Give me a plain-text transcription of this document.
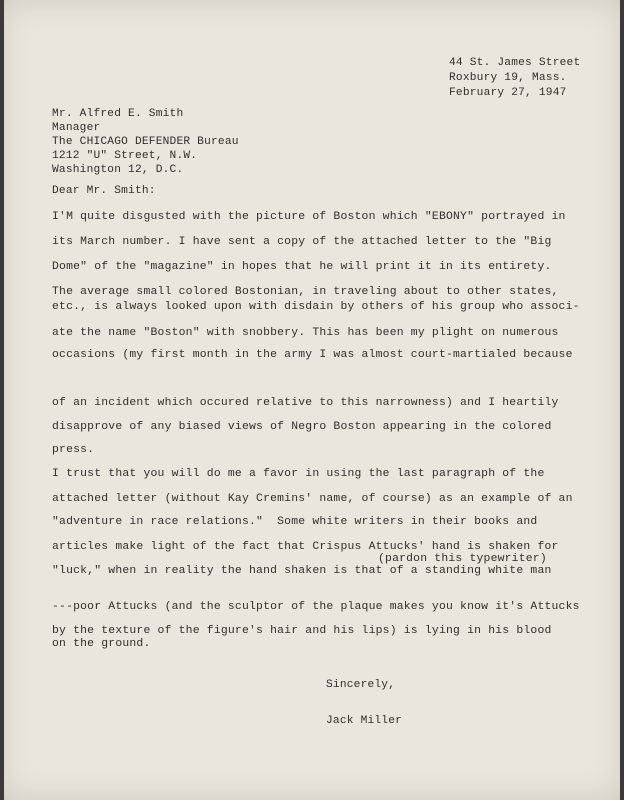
44 St. James Street
Roxbury 19, Mass.
February 27, 1947
Mr. Alfred E. Smith
Manager
The CHICAGO DEFENDER Bureau
1212 "U" Street, N.W.
Washington 12, D.C.
Dear Mr. Smith:
I'M quite disgusted with the picture of Boston which "EBONY" portrayed in
its March number. I have sent a copy of the attached letter to the "Big
Dome" of the "magazine" in hopes that he will print it in its entirety.
The average small colored Bostonian, in traveling about to other states,
etc., is always looked upon with disdain by others of his group who associ-
ate the name "Boston" with snobbery. This has been my plight on numerous
occasions (my first month in the army I was almost court-martialed because
of an incident which occured relative to this narrowness) and I heartily
disapprove of any biased views of Negro Boston appearing in the colored
press.
I trust that you will do me a favor in using the last paragraph of the
attached letter (without Kay Cremins' name, of course) as an example of an
"adventure in race relations."  Some white writers in their books and
articles make light of the fact that Crispus Attucks' hand is shaken for
(pardon this typewriter)
"luck," when in reality the hand shaken is that of a standing white man
---poor Attucks (and the sculptor of the plaque makes you know it's Attucks
by the texture of the figure's hair and his lips) is lying in his blood
on the ground.
Sincerely,
Jack Miller
